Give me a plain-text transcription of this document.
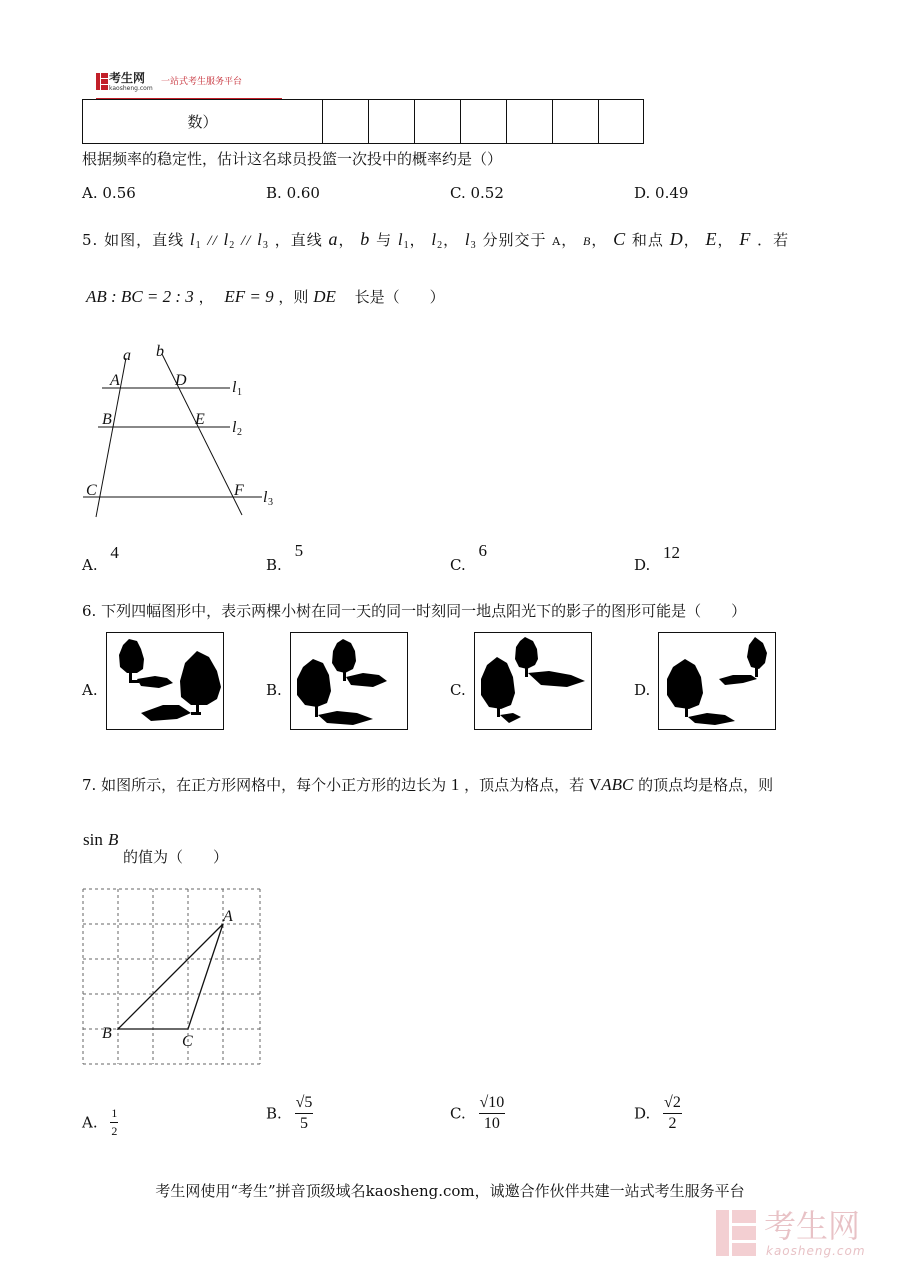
考生网
kaosheng.com
一站式考生服务平台
数）							
根据频率的稳定性，估计这名球员投篮一次投中的概率约是（）
A. 0.56	B. 0.60	C. 0.52	D. 0.49
5. 如图，直线 $l_1 // l_2 // l_3$ ，直线 a， b 与 $l_1$， $l_2$， $l_3$ 分别交于 A， B， C 和点 D， E， F ．若
AB : BC = 2 : 3 ， EF = 9 ，则 DE 长是（　　）
a b
A	D
B	E
C	F
l
l
l
1
2
3
A. 4
B. 5
C. 6
D. 12
6. 下列四幅图形中，表示两棵小树在同一天的同一时刻同一地点阳光下的影子的图形可能是（　　）
A.	B.	C.	D.
7. 如图所示，在正方形网格中，每个小正方形的边长为 1 ，顶点为格点，若 VABC 的顶点均是格点，则
sin B
的值为（　　）
A
B	C
A. $\frac{1}{2}$	B. $\frac{√5}{5}$	C. $\frac{√10}{10}$	D. $\frac{√2}{2}$
考生网使用“考生”拼音顶级域名kaosheng.com，诚邀合作伙伴共建一站式考生服务平台
考生网
kaosheng.com
